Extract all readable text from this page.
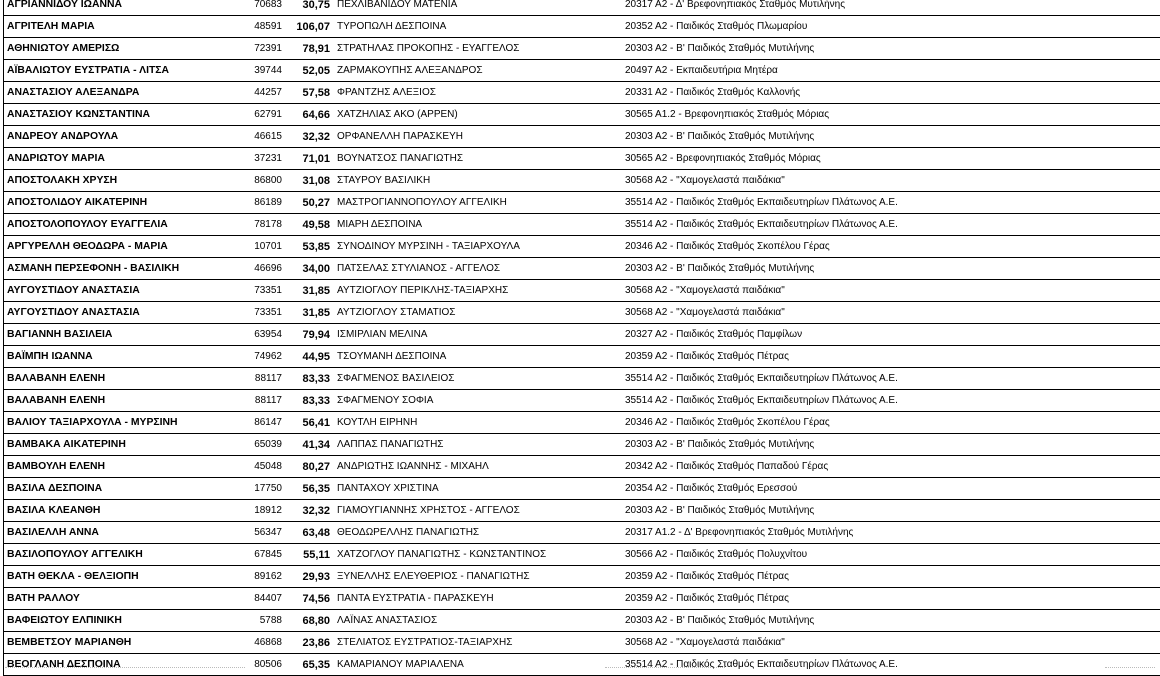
ΑΓΡΙΑΝΝΙΔΟΥ ΙΩΑΝΝΑ	70683	30,75	ΠΕΧΛΙΒΑΝΙΔΟΥ ΜΑΤΕΝΙΑ	20317 Α2 - Δ' Βρεφονηπιακός Σταθμός Μυτιλήνης
ΑΓΡΙΤΕΛΗ ΜΑΡΙΑ	48591	106,07	ΤΥΡΟΠΩΛΗ ΔΕΣΠΟΙΝΑ	20352 Α2 - Παιδικός Σταθμός Πλωμαρίου
ΑΘΗΝΙΩΤΟΥ ΑΜΕΡΙΣΩ	72391	78,91	ΣΤΡΑΤΗΛΑΣ ΠΡΟΚΟΠΗΣ - ΕΥΑΓΓΕΛΟΣ	20303 Α2 - Β' Παιδικός Σταθμός Μυτιλήνης
ΑΪΒΑΛΙΩΤΟΥ ΕΥΣΤΡΑΤΙΑ - ΛΙΤΣΑ	39744	52,05	ΖΑΡΜΑΚΟΥΠΗΣ ΑΛΕΞΑΝΔΡΟΣ	20497 Α2 - Εκπαιδευτήρια Μητέρα
ΑΝΑΣΤΑΣΙΟΥ ΑΛΕΞΑΝΔΡΑ	44257	57,58	ΦΡΑΝΤΖΗΣ ΑΛΕΞΙΟΣ	20331 Α2 - Παιδικός Σταθμός Καλλονής
ΑΝΑΣΤΑΣΙΟΥ ΚΩΝΣΤΑΝΤΙΝΑ	62791	64,66	ΧΑΤΖΗΛΙΑΣ ΑΚΟ (ΑΡΡΕΝ)	30565 Α1.2 - Βρεφονηπιακός Σταθμός Μόριας
ΑΝΔΡΕΟΥ ΑΝΔΡΟΥΛΑ	46615	32,32	ΟΡΦΑΝΕΛΛΗ ΠΑΡΑΣΚΕΥΗ	20303 Α2 - Β' Παιδικός Σταθμός Μυτιλήνης
ΑΝΔΡΙΩΤΟΥ ΜΑΡΙΑ	37231	71,01	ΒΟΥΝΑΤΣΟΣ ΠΑΝΑΓΙΩΤΗΣ	30565 Α2 - Βρεφονηπιακός Σταθμός Μόριας
ΑΠΟΣΤΟΛΑΚΗ ΧΡΥΣΗ	86800	31,08	ΣΤΑΥΡΟΥ ΒΑΣΙΛΙΚΗ	30568 Α2 - "Χαμογελαστά παιδάκια"
ΑΠΟΣΤΟΛΙΔΟΥ ΑΙΚΑΤΕΡΙΝΗ	86189	50,27	ΜΑΣΤΡΟΓΙΑΝΝΟΠΟΥΛΟΥ ΑΓΓΕΛΙΚΗ	35514 Α2 - Παιδικός Σταθμός Εκπαιδευτηρίων Πλάτωνος Α.Ε.
ΑΠΟΣΤΟΛΟΠΟΥΛΟΥ ΕΥΑΓΓΕΛΙΑ	78178	49,58	ΜΙΑΡΗ ΔΕΣΠΟΙΝΑ	35514 Α2 - Παιδικός Σταθμός Εκπαιδευτηρίων Πλάτωνος Α.Ε.
ΑΡΓΥΡΕΛΛΗ ΘΕΟΔΩΡΑ - ΜΑΡΙΑ	10701	53,85	ΣΥΝΟΔΙΝΟΥ ΜΥΡΣΙΝΗ - ΤΑΞΙΑΡΧΟΥΛΑ	20346 Α2 - Παιδικός Σταθμός Σκοπέλου Γέρας
ΑΣΜΑΝΗ ΠΕΡΣΕΦΟΝΗ - ΒΑΣΙΛΙΚΗ	46696	34,00	ΠΑΤΣΕΛΑΣ ΣΤΥΛΙΑΝΟΣ - ΑΓΓΕΛΟΣ	20303 Α2 - Β' Παιδικός Σταθμός Μυτιλήνης
ΑΥΓΟΥΣΤΙΔΟΥ ΑΝΑΣΤΑΣΙΑ	73351	31,85	ΑΥΤΖΙΟΓΛΟΥ ΠΕΡΙΚΛΗΣ-ΤΑΞΙΑΡΧΗΣ	30568 Α2 - "Χαμογελαστά παιδάκια"
ΑΥΓΟΥΣΤΙΔΟΥ ΑΝΑΣΤΑΣΙΑ	73351	31,85	ΑΥΤΖΙΟΓΛΟΥ ΣΤΑΜΑΤΙΟΣ	30568 Α2 - "Χαμογελαστά παιδάκια"
ΒΑΓΙΑΝΝΗ ΒΑΣΙΛΕΙΑ	63954	79,94	ΙΣΜΙΡΛΙΑΝ ΜΕΛΙΝΑ	20327 Α2 - Παιδικός Σταθμός Παμφίλων
ΒΑΪΜΠΗ ΙΩΑΝΝΑ	74962	44,95	ΤΣΟΥΜΑΝΗ ΔΕΣΠΟΙΝΑ	20359 Α2 - Παιδικός Σταθμός Πέτρας
ΒΑΛΑΒΑΝΗ ΕΛΕΝΗ	88117	83,33	ΣΦΑΓΜΕΝΟΣ ΒΑΣΙΛΕΙΟΣ	35514 Α2 - Παιδικός Σταθμός Εκπαιδευτηρίων Πλάτωνος Α.Ε.
ΒΑΛΑΒΑΝΗ ΕΛΕΝΗ	88117	83,33	ΣΦΑΓΜΕΝΟΥ ΣΟΦΙΑ	35514 Α2 - Παιδικός Σταθμός Εκπαιδευτηρίων Πλάτωνος Α.Ε.
ΒΑΛΙΟΥ ΤΑΞΙΑΡΧΟΥΛΑ - ΜΥΡΣΙΝΗ	86147	56,41	ΚΟΥΤΛΗ ΕΙΡΗΝΗ	20346 Α2 - Παιδικός Σταθμός Σκοπέλου Γέρας
ΒΑΜΒΑΚΑ ΑΙΚΑΤΕΡΙΝΗ	65039	41,34	ΛΑΠΠΑΣ ΠΑΝΑΓΙΩΤΗΣ	20303 Α2 - Β' Παιδικός Σταθμός Μυτιλήνης
ΒΑΜΒΟΥΛΗ ΕΛΕΝΗ	45048	80,27	ΑΝΔΡΙΩΤΗΣ ΙΩΑΝΝΗΣ - ΜΙΧΑΗΛ	20342 Α2 - Παιδικός Σταθμός Παπαδού Γέρας
ΒΑΣΙΛΑ ΔΕΣΠΟΙΝΑ	17750	56,35	ΠΑΝΤΑΧΟΥ ΧΡΙΣΤΙΝΑ	20354 Α2 - Παιδικός Σταθμός Ερεσσού
ΒΑΣΙΛΑ ΚΛΕΑΝΘΗ	18912	32,32	ΓΙΑΜΟΥΓΙΑΝΝΗΣ ΧΡΗΣΤΟΣ - ΑΓΓΕΛΟΣ	20303 Α2 - Β' Παιδικός Σταθμός Μυτιλήνης
ΒΑΣΙΛΕΛΛΗ ΑΝΝΑ	56347	63,48	ΘΕΟΔΩΡΕΛΛΗΣ ΠΑΝΑΓΙΩΤΗΣ	20317 Α1.2 - Δ' Βρεφονηπιακός Σταθμός Μυτιλήνης
ΒΑΣΙΛΟΠΟΥΛΟΥ ΑΓΓΕΛΙΚΗ	67845	55,11	ΧΑΤΖΟΓΛΟΥ ΠΑΝΑΓΙΩΤΗΣ - ΚΩΝΣΤΑΝΤΙΝΟΣ	30566 Α2 - Παιδικός Σταθμός Πολυχνίτου
ΒΑΤΗ ΘΕΚΛΑ - ΘΕΛΞΙΟΠΗ	89162	29,93	ΞΥΝΕΛΛΗΣ ΕΛΕΥΘΕΡΙΟΣ - ΠΑΝΑΓΙΩΤΗΣ	20359 Α2 - Παιδικός Σταθμός Πέτρας
ΒΑΤΗ ΡΑΛΛΟΥ	84407	74,56	ΠΑΝΤΑ ΕΥΣΤΡΑΤΙΑ - ΠΑΡΑΣΚΕΥΗ	20359 Α2 - Παιδικός Σταθμός Πέτρας
ΒΑΦΕΙΩΤΟΥ ΕΛΠΙΝΙΚΗ	5788	68,80	ΛΑΪΝΑΣ ΑΝΑΣΤΑΣΙΟΣ	20303 Α2 - Β' Παιδικός Σταθμός Μυτιλήνης
ΒΕΜΒΕΤΣΟΥ ΜΑΡΙΑΝΘΗ	46868	23,86	ΣΤΕΛΙΑΤΟΣ ΕΥΣΤΡΑΤΙΟΣ-ΤΑΞΙΑΡΧΗΣ	30568 Α2 - "Χαμογελαστά παιδάκια"
ΒΕΟΓΛΑΝΗ ΔΕΣΠΟΙΝΑ	80506	65,35	ΚΑΜΑΡΙΑΝΟΥ ΜΑΡΙΑΛΕΝΑ	35514 Α2 - Παιδικός Σταθμός Εκπαιδευτηρίων Πλάτωνος Α.Ε.
